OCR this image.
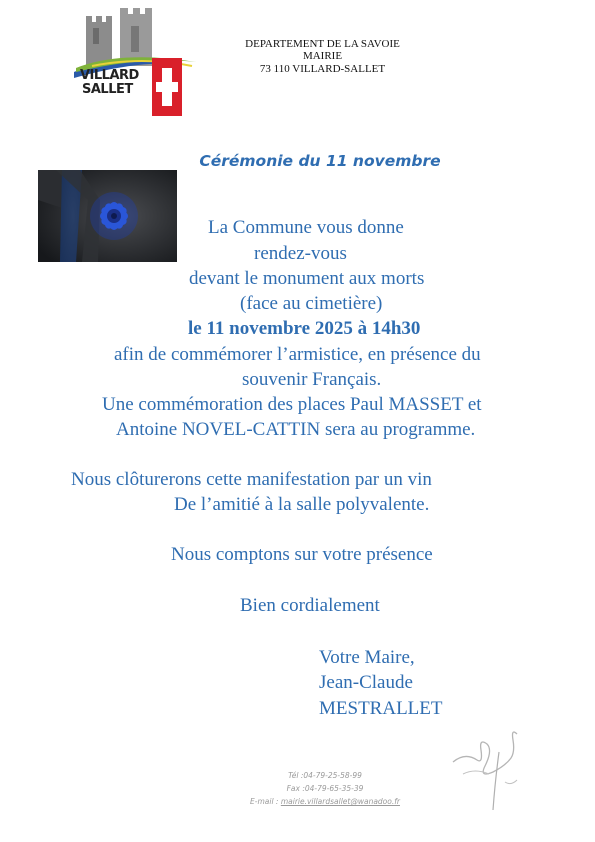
VILLARD
SALLET
DEPARTEMENT DE LA SAVOIE
MAIRIE
73 110 VILLARD-SALLET
Cérémonie du 11 novembre
La Commune vous donne
rendez-vous
devant le monument aux morts
(face au cimetière)
le 11 novembre 2025 à 14h30
afin de commémorer l’armistice, en présence du
souvenir Français.
Une commémoration des places Paul MASSET et
Antoine NOVEL-CATTIN sera au programme.
Nous clôturerons cette manifestation par un vin
De l’amitié à la salle polyvalente.
Nous comptons sur votre présence
Bien cordialement
Votre Maire,
Jean-Claude
MESTRALLET
Tél :04-79-25-58-99
Fax :04-79-65-35-39
E-mail : mairie.villardsallet@wanadoo.fr
